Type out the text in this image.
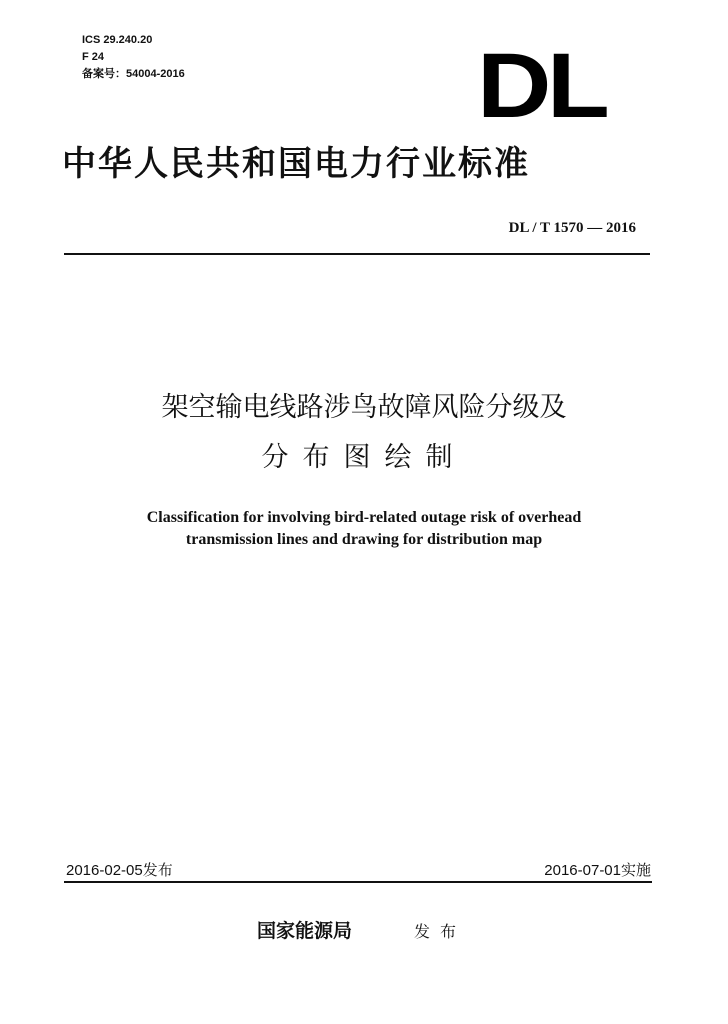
ICS 29.240.20
F 24
备案号：54004-2016	DL
中华人民共和国电力行业标准
DL / T 1570 — 2016
架空输电线路涉鸟故障风险分级及
分布图绘制
Classification for involving bird-related outage risk of overhead
transmission lines and drawing for distribution map
2016-02-05发布	2016-07-01实施
国家能源局	发布
